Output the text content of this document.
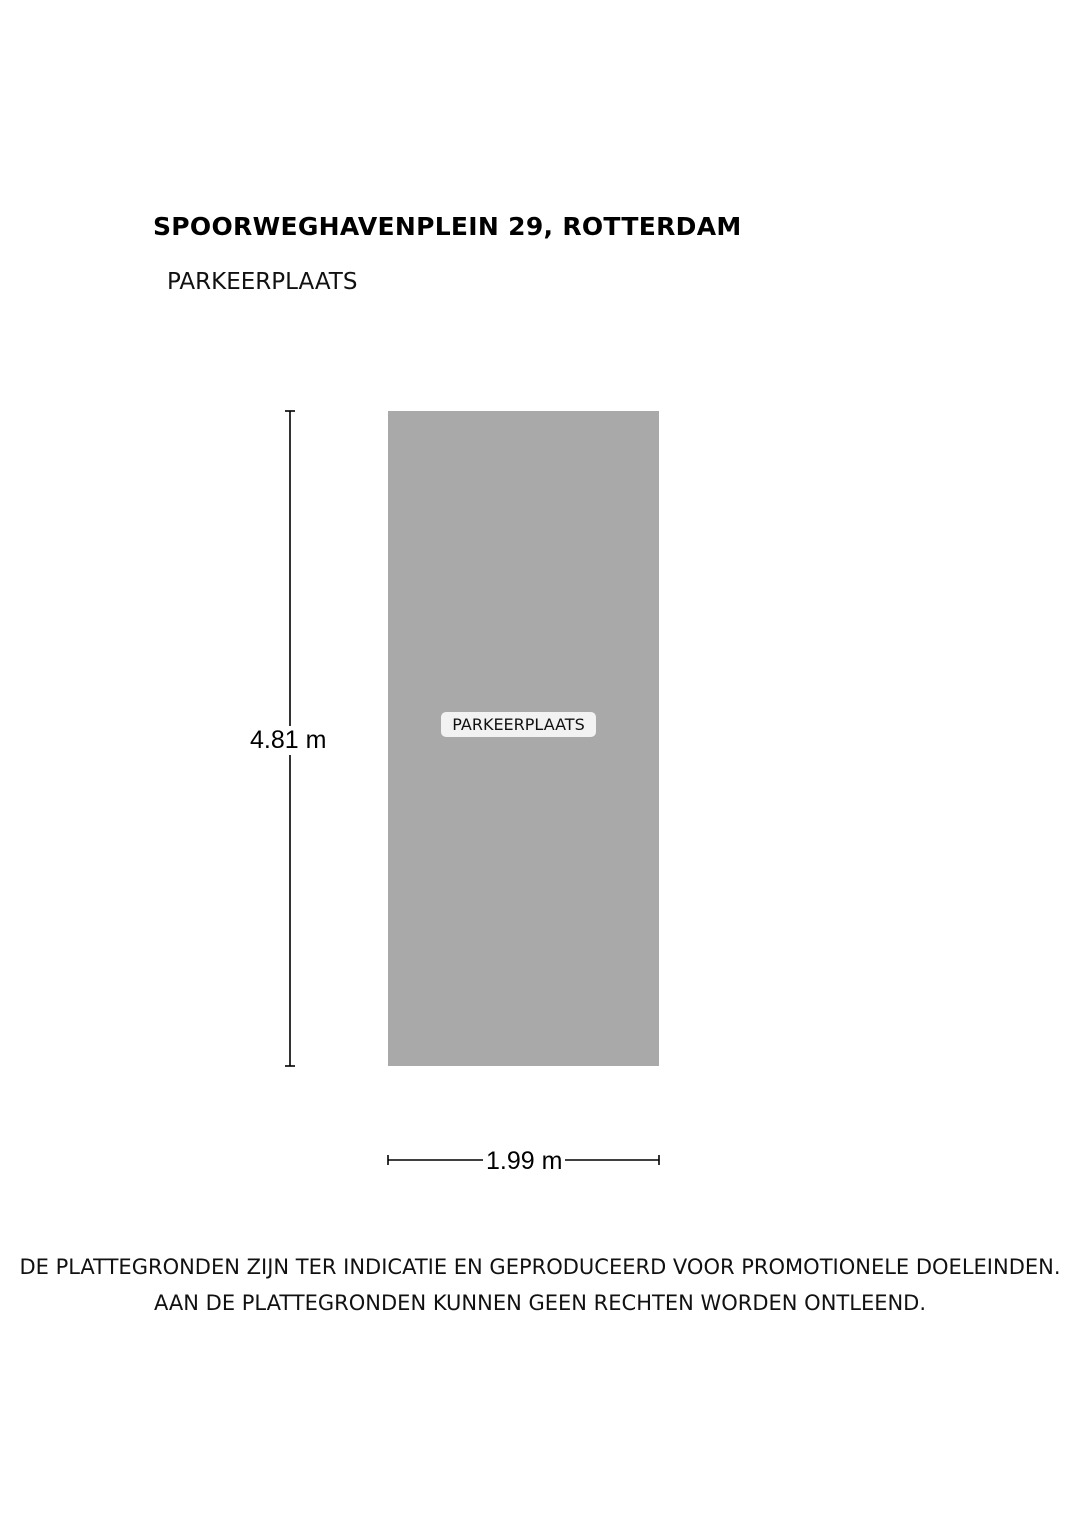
SPOORWEGHAVENPLEIN 29, ROTTERDAM
PARKEERPLAATS
PARKEERPLAATS
4.81 m
1.99 m
DE PLATTEGRONDEN ZIJN TER INDICATIE EN GEPRODUCEERD VOOR PROMOTIONELE DOELEINDEN.
AAN DE PLATTEGRONDEN KUNNEN GEEN RECHTEN WORDEN ONTLEEND.
